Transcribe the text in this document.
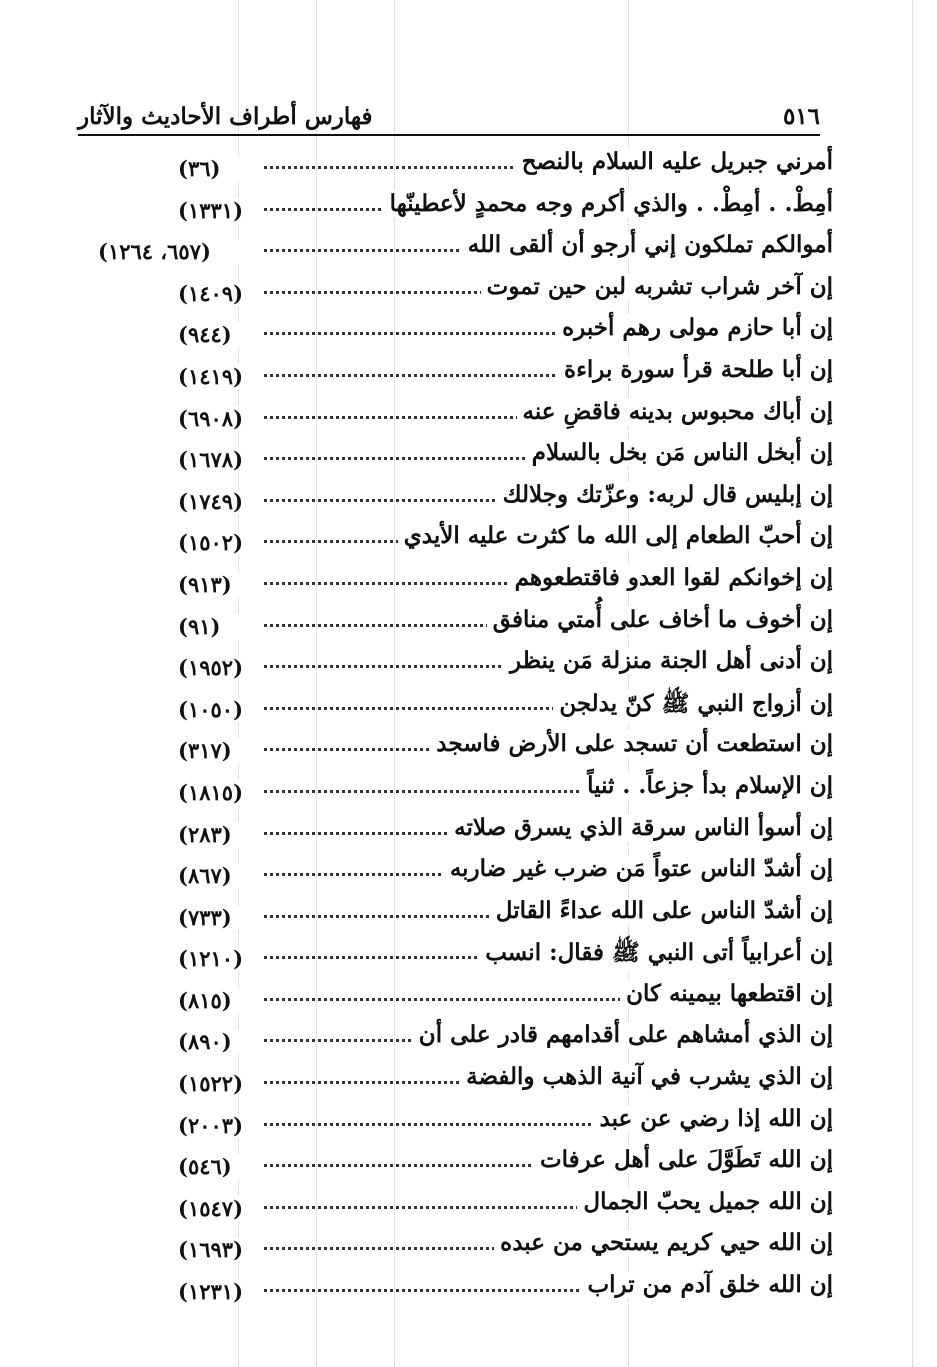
فهارس أطراف الأحاديث والآثار	٥١٦
أمرني جبريل عليه السلام بالنصح
(٣٦)
أمِطْ. . أمِطْ. . والذي أكرم وجه محمدٍ لأعطينّها
(١٣٣١)
أموالكم تملكون إني أرجو أن ألقى الله
(٦٥٧، ١٢٦٤)
إن آخر شراب تشربه لبن حين تموت
(١٤٠٩)
إن أبا حازم مولى رهم أخبره
(٩٤٤)
إن أبا طلحة قرأ سورة براءة
(١٤١٩)
إن أباك محبوس بدينه فاقضِ عنه
(٦٩٠٨)
إن أبخل الناس مَن بخل بالسلام
(١٦٧٨)
إن إبليس قال لربه: وعزّتك وجلالك
(١٧٤٩)
إن أحبّ الطعام إلى الله ما كثرت عليه الأيدي
(١٥٠٢)
إن إخوانكم لقوا العدو فاقتطعوهم
(٩١٣)
إن أخوف ما أخاف على أُمتي منافق
(٩١)
إن أدنى أهل الجنة منزلة مَن ينظر
(١٩٥٢)
إن أزواج النبي ﷺ كنّ يدلجن
(١٠٥٠)
إن استطعت أن تسجد على الأرض فاسجد
(٣١٧)
إن الإسلام بدأ جزعاً. . ثنياً
(١٨١٥)
إن أسوأ الناس سرقة الذي يسرق صلاته
(٢٨٣)
إن أشدّ الناس عتواً مَن ضرب غير ضاربه
(٨٦٧)
إن أشدّ الناس على الله عداءً القاتل
(٧٣٣)
إن أعرابياً أتى النبي ﷺ فقال: انسب
(١٢١٠)
إن اقتطعها بيمينه كان
(٨١٥)
إن الذي أمشاهم على أقدامهم قادر على أن
(٨٩٠)
إن الذي يشرب في آنية الذهب والفضة
(١٥٢٢)
إن الله إذا رضي عن عبد
(٢٠٠٣)
إن الله تَطَوَّلَ على أهل عرفات
(٥٤٦)
إن الله جميل يحبّ الجمال
(١٥٤٧)
إن الله حيي كريم يستحي من عبده
(١٦٩٣)
إن الله خلق آدم من تراب
(١٢٣١)
